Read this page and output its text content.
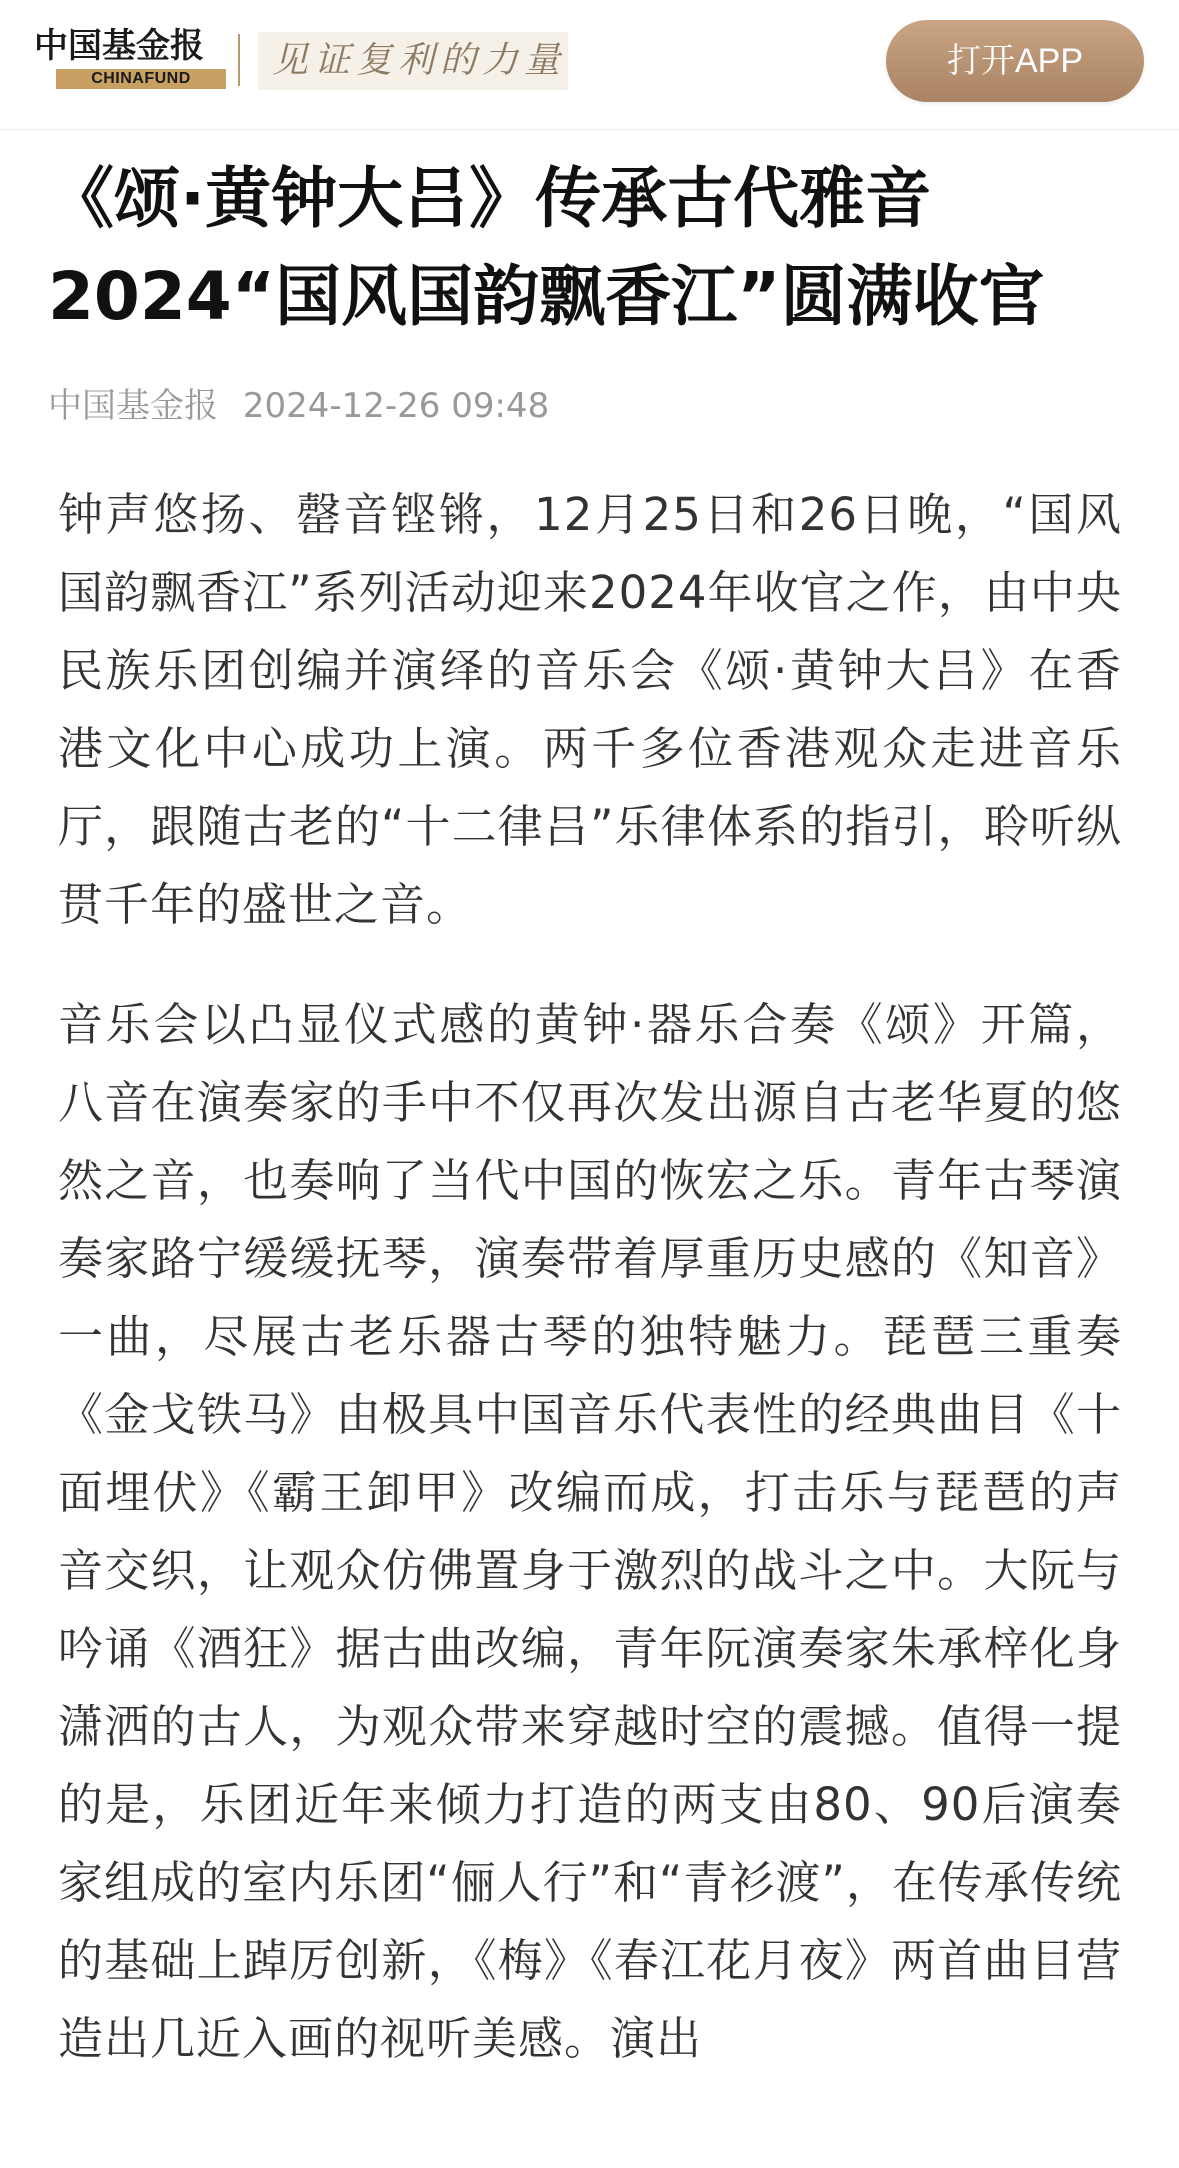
中国基金报
CHINAFUND	见证复利的力量	打开APP
《颂·黄钟大吕》传承古代雅音
2024“国风国韵飘香江”圆满收官
中国基金报 2024-12-26 09:48

钟声悠扬、罄音铿锵，12月25日和26日晚，“国风国韵飘香江”系列活动迎来2024年收官之作，由中央民族乐团创编并演绎的音乐会《颂·黄钟大吕》在香港文化中心成功上演。两千多位香港观众走进音乐厅，跟随古老的“十二律吕”乐律体系的指引，聆听纵贯千年的盛世之音。

音乐会以凸显仪式感的黄钟·器乐合奏《颂》开篇，八音在演奏家的手中不仅再次发出源自古老华夏的悠然之音，也奏响了当代中国的恢宏之乐。青年古琴演奏家路宁缓缓抚琴，演奏带着厚重历史感的《知音》一曲，尽展古老乐器古琴的独特魅力。琵琶三重奏《金戈铁马》由极具中国音乐代表性的经典曲目《十面埋伏》《霸王卸甲》改编而成，打击乐与琵琶的声音交织，让观众仿佛置身于激烈的战斗之中。大阮与吟诵《酒狂》据古曲改编，青年阮演奏家朱承梓化身潇洒的古人，为观众带来穿越时空的震撼。值得一提的是，乐团近年来倾力打造的两支由80、90后演奏家组成的室内乐团“俪人行”和“青衫渡”，在传承传统的基础上踔厉创新，《梅》《春江花月夜》两首曲目营造出几近入画的视听美感。演出
